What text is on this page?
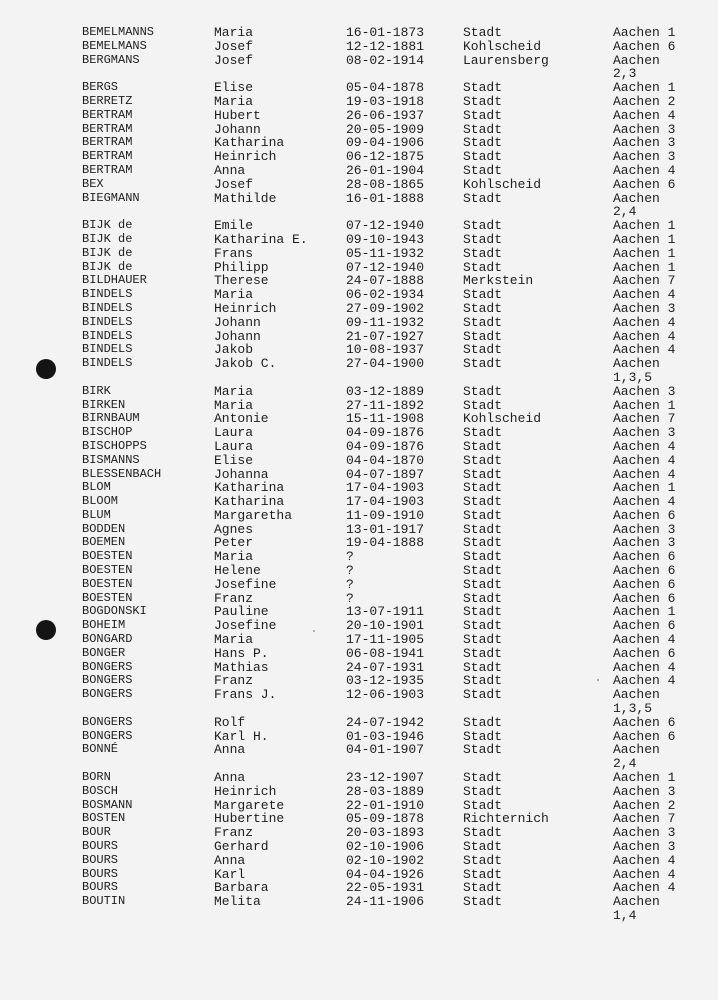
BEMELMANNS	Maria	16-01-1873	Stadt	Aachen 1
BEMELMANS	Josef	12-12-1881	Kohlscheid	Aachen 6
BERGMANS	Josef	08-02-1914	Laurensberg	Aachen
2,3
BERGS	Elise	05-04-1878	Stadt	Aachen 1
BERRETZ	Maria	19-03-1918	Stadt	Aachen 2
BERTRAM	Hubert	26-06-1937	Stadt	Aachen 4
BERTRAM	Johann	20-05-1909	Stadt	Aachen 3
BERTRAM	Katharina	09-04-1906	Stadt	Aachen 3
BERTRAM	Heinrich	06-12-1875	Stadt	Aachen 3
BERTRAM	Anna	26-01-1904	Stadt	Aachen 4
BEX	Josef	28-08-1865	Kohlscheid	Aachen 6
BIEGMANN	Mathilde	16-01-1888	Stadt	Aachen
2,4
BIJK de	Emile	07-12-1940	Stadt	Aachen 1
BIJK de	Katharina E.	09-10-1943	Stadt	Aachen 1
BIJK de	Frans	05-11-1932	Stadt	Aachen 1
BIJK de	Philipp	07-12-1940	Stadt	Aachen 1
BILDHAUER	Therese	24-07-1888	Merkstein	Aachen 7
BINDELS	Maria	06-02-1934	Stadt	Aachen 4
BINDELS	Heinrich	27-09-1902	Stadt	Aachen 3
BINDELS	Johann	09-11-1932	Stadt	Aachen 4
BINDELS	Johann	21-07-1927	Stadt	Aachen 4
BINDELS	Jakob	10-08-1937	Stadt	Aachen 4
BINDELS	Jakob C.	27-04-1900	Stadt	Aachen
1,3,5
BIRK	Maria	03-12-1889	Stadt	Aachen 3
BIRKEN	Maria	27-11-1892	Stadt	Aachen 1
BIRNBAUM	Antonie	15-11-1908	Kohlscheid	Aachen 7
BISCHOP	Laura	04-09-1876	Stadt	Aachen 3
BISCHOPPS	Laura	04-09-1876	Stadt	Aachen 4
BISMANNS	Elise	04-04-1870	Stadt	Aachen 4
BLESSENBACH	Johanna	04-07-1897	Stadt	Aachen 4
BLOM	Katharina	17-04-1903	Stadt	Aachen 1
BLOOM	Katharina	17-04-1903	Stadt	Aachen 4
BLUM	Margaretha	11-09-1910	Stadt	Aachen 6
BODDEN	Agnes	13-01-1917	Stadt	Aachen 3
BOEMEN	Peter	19-04-1888	Stadt	Aachen 3
BOESTEN	Maria	?	Stadt	Aachen 6
BOESTEN	Helene	?	Stadt	Aachen 6
BOESTEN	Josefine	?	Stadt	Aachen 6
BOESTEN	Franz	?	Stadt	Aachen 6
BOGDONSKI	Pauline	13-07-1911	Stadt	Aachen 1
BOHEIM	Josefine	20-10-1901	Stadt	Aachen 6
BONGARD	Maria	17-11-1905	Stadt	Aachen 4
BONGER	Hans P.	06-08-1941	Stadt	Aachen 6
BONGERS	Mathias	24-07-1931	Stadt	Aachen 4
BONGERS	Franz	03-12-1935	Stadt	Aachen 4
BONGERS	Frans J.	12-06-1903	Stadt	Aachen
1,3,5
BONGERS	Rolf	24-07-1942	Stadt	Aachen 6
BONGERS	Karl H.	01-03-1946	Stadt	Aachen 6
BONNÉ	Anna	04-01-1907	Stadt	Aachen
2,4
BORN	Anna	23-12-1907	Stadt	Aachen 1
BOSCH	Heinrich	28-03-1889	Stadt	Aachen 3
BOSMANN	Margarete	22-01-1910	Stadt	Aachen 2
BOSTEN	Hubertine	05-09-1878	Richternich	Aachen 7
BOUR	Franz	20-03-1893	Stadt	Aachen 3
BOURS	Gerhard	02-10-1906	Stadt	Aachen 3
BOURS	Anna	02-10-1902	Stadt	Aachen 4
BOURS	Karl	04-04-1926	Stadt	Aachen 4
BOURS	Barbara	22-05-1931	Stadt	Aachen 4
BOUTIN	Melita	24-11-1906	Stadt	Aachen
1,4
